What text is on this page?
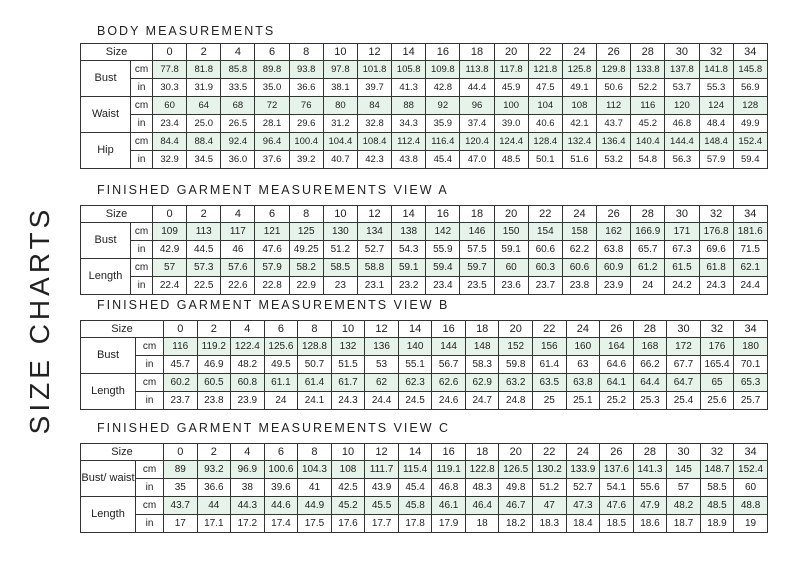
SIZE CHARTS
BODY MEASUREMENTS
Size		0	2	4	6	8	10	12	14	16	18	20	22	24	26	28	30	32	34
Bust	cm	77.8	81.8	85.8	89.8	93.8	97.8	101.8	105.8	109.8	113.8	117.8	121.8	125.8	129.8	133.8	137.8	141.8	145.8
	in	30.3	31.9	33.5	35.0	36.6	38.1	39.7	41.3	42.8	44.4	45.9	47.5	49.1	50.6	52.2	53.7	55.3	56.9
Waist	cm	60	64	68	72	76	80	84	88	92	96	100	104	108	112	116	120	124	128
	in	23.4	25.0	26.5	28.1	29.6	31.2	32.8	34.3	35.9	37.4	39.0	40.6	42.1	43.7	45.2	46.8	48.4	49.9
Hip	cm	84.4	88.4	92.4	96.4	100.4	104.4	108.4	112.4	116.4	120.4	124.4	128.4	132.4	136.4	140.4	144.4	148.4	152.4
	in	32.9	34.5	36.0	37.6	39.2	40.7	42.3	43.8	45.4	47.0	48.5	50.1	51.6	53.2	54.8	56.3	57.9	59.4
FINISHED GARMENT MEASUREMENTS VIEW A
Size		0	2	4	6	8	10	12	14	16	18	20	22	24	26	28	30	32	34
Bust	cm	109	113	117	121	125	130	134	138	142	146	150	154	158	162	166.9	171	176.8	181.6
	in	42.9	44.5	46	47.6	49.25	51.2	52.7	54.3	55.9	57.5	59.1	60.6	62.2	63.8	65.7	67.3	69.6	71.5
Length	cm	57	57.3	57.6	57.9	58.2	58.5	58.8	59.1	59.4	59.7	60	60.3	60.6	60.9	61.2	61.5	61.8	62.1
	in	22.4	22.5	22.6	22.8	22.9	23	23.1	23.2	23.4	23.5	23.6	23.7	23.8	23.9	24	24.2	24.3	24.4
FINISHED GARMENT MEASUREMENTS VIEW B
Size		0	2	4	6	8	10	12	14	16	18	20	22	24	26	28	30	32	34
Bust	cm	116	119.2	122.4	125.6	128.8	132	136	140	144	148	152	156	160	164	168	172	176	180
	in	45.7	46.9	48.2	49.5	50.7	51.5	53	55.1	56.7	58.3	59.8	61.4	63	64.6	66.2	67.7	165.4	70.1
Length	cm	60.2	60.5	60.8	61.1	61.4	61.7	62	62.3	62.6	62.9	63.2	63.5	63.8	64.1	64.4	64.7	65	65.3
	in	23.7	23.8	23.9	24	24.1	24.3	24.4	24.5	24.6	24.7	24.8	25	25.1	25.2	25.3	25.4	25.6	25.7
FINISHED GARMENT MEASUREMENTS VIEW C
Size		0	2	4	6	8	10	12	14	16	18	20	22	24	26	28	30	32	34
Bust/ waist	cm	89	93.2	96.9	100.6	104.3	108	111.7	115.4	119.1	122.8	126.5	130.2	133.9	137.6	141.3	145	148.7	152.4
	in	35	36.6	38	39.6	41	42.5	43.9	45.4	46.8	48.3	49.8	51.2	52.7	54.1	55.6	57	58.5	60
Length	cm	43.7	44	44.3	44.6	44.9	45.2	45.5	45.8	46.1	46.4	46.7	47	47.3	47.6	47.9	48.2	48.5	48.8
	in	17	17.1	17.2	17.4	17.5	17.6	17.7	17.8	17.9	18	18.2	18.3	18.4	18.5	18.6	18.7	18.9	19
